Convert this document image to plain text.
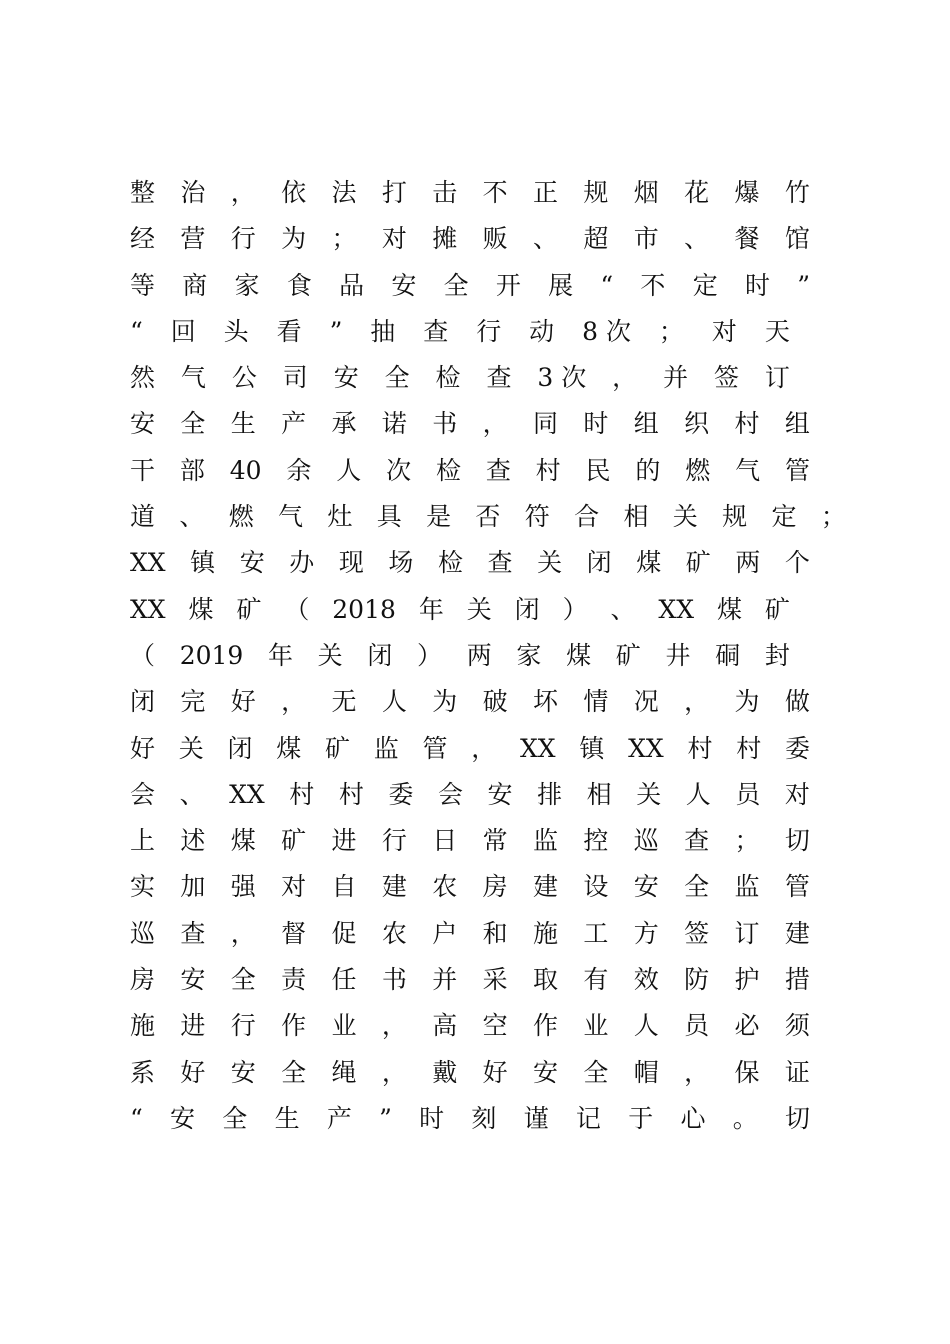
整 治 ， 依 法 打 击 不 正 规 烟 花 爆 竹
经 营 行 为 ； 对 摊 贩 、 超 市 、 餐 馆
等 商 家 食 品 安 全 开 展 “ 不 定 时 ”
“ 回 头 看 ” 抽 查 行 动 8 次 ； 对 天
然 气 公 司 安 全 检 查 3 次 ， 并 签 订
安 全 生 产 承 诺 书 ， 同 时 组 织 村 组
干 部 40 余 人 次 检 查 村 民 的 燃 气 管
道 、 燃 气 灶 具 是 否 符 合 相 关 规 定 ；
XX 镇 安 办 现 场 检 查 关 闭 煤 矿 两 个
XX 煤 矿 （ 2018 年 关 闭 ） 、 XX 煤 矿
（ 2019 年 关 闭 ） 两 家 煤 矿 井 硐 封
闭 完 好 ， 无 人 为 破 坏 情 况 ， 为 做
好 关 闭 煤 矿 监 管 ， XX 镇 XX 村 村 委
会 、 XX 村 村 委 会 安 排 相 关 人 员 对
上 述 煤 矿 进 行 日 常 监 控 巡 查 ； 切
实 加 强 对 自 建 农 房 建 设 安 全 监 管
巡 查 ， 督 促 农 户 和 施 工 方 签 订 建
房 安 全 责 任 书 并 采 取 有 效 防 护 措
施 进 行 作 业 ， 高 空 作 业 人 员 必 须
系 好 安 全 绳 ， 戴 好 安 全 帽 ， 保 证
“ 安 全 生 产 ” 时 刻 谨 记 于 心 。 切
